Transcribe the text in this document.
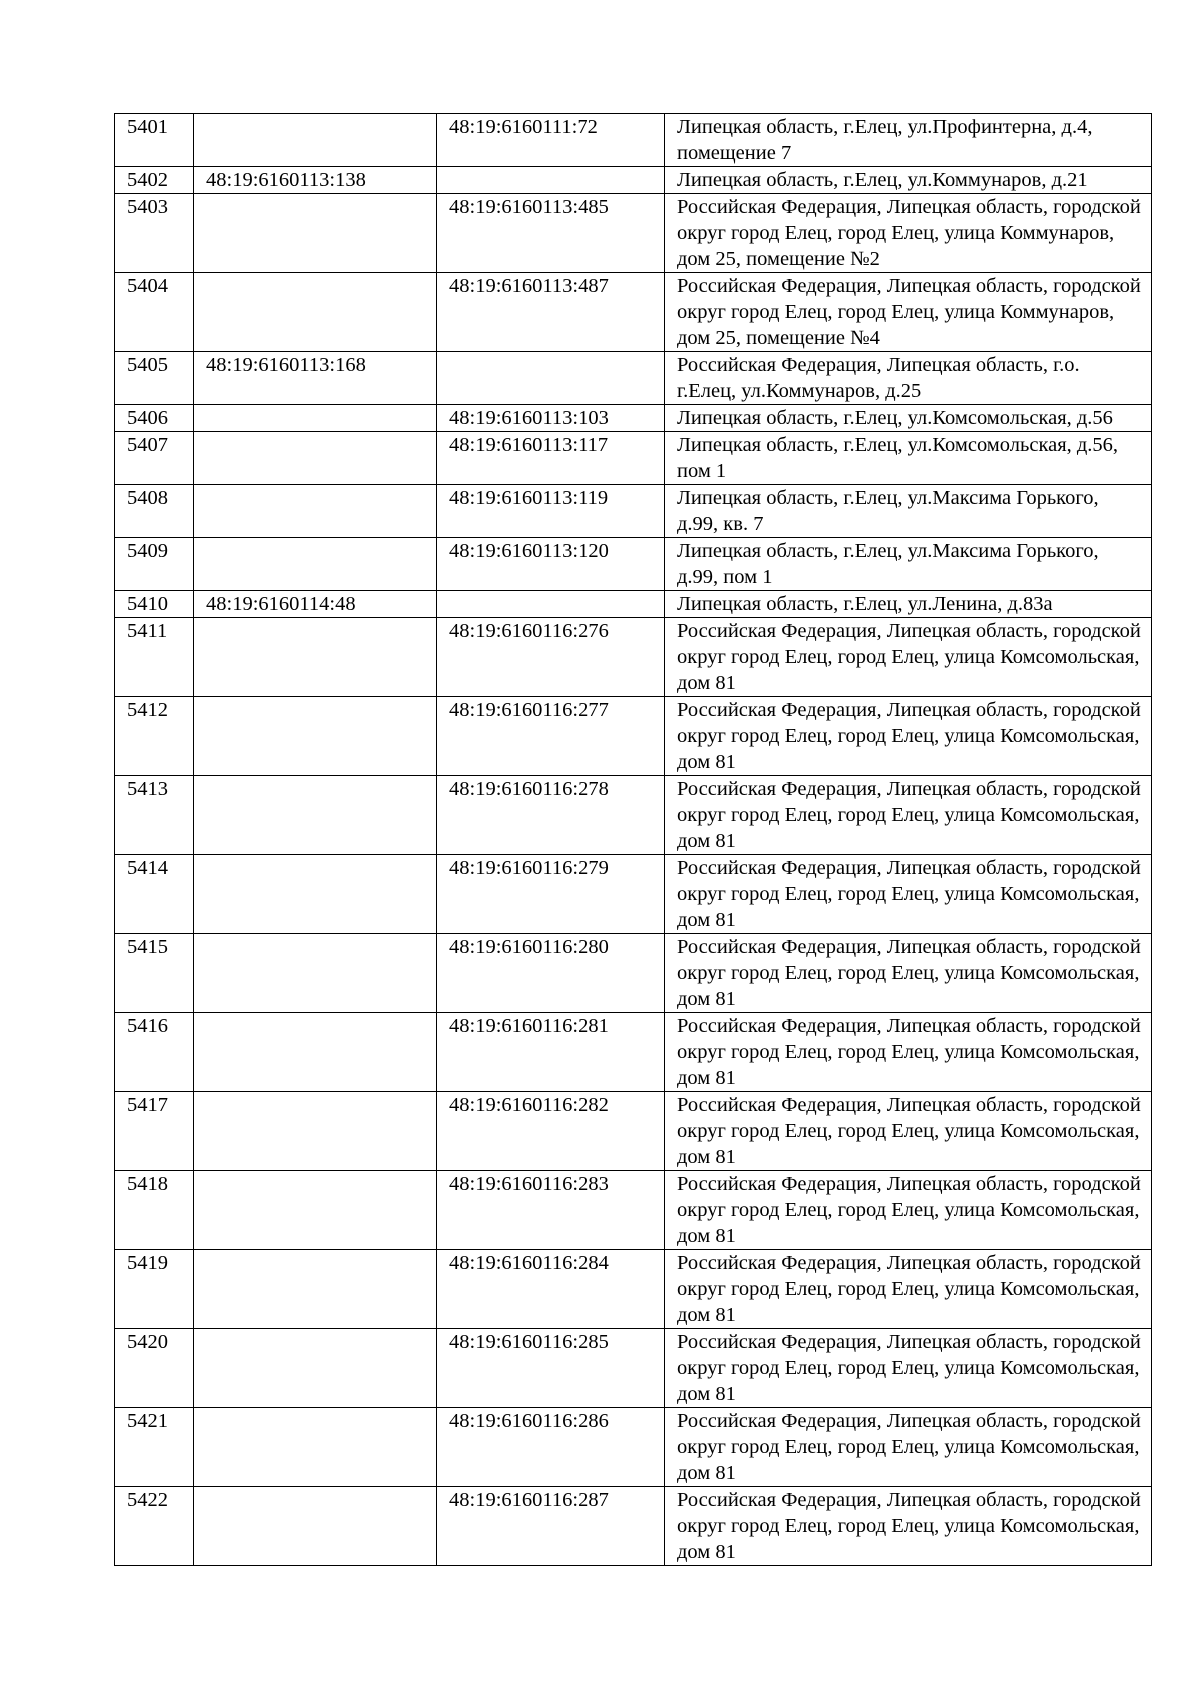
5401		48:19:6160111:72	Липецкая область, г.Елец, ул.Профинтерна, д.4, помещение 7
5402	48:19:6160113:138		Липецкая область, г.Елец, ул.Коммунаров, д.21
5403		48:19:6160113:485	Российская Федерация, Липецкая область, городской округ город Елец, город Елец, улица Коммунаров, дом 25, помещение №2
5404		48:19:6160113:487	Российская Федерация, Липецкая область, городской округ город Елец, город Елец, улица Коммунаров, дом 25, помещение №4
5405	48:19:6160113:168		Российская Федерация, Липецкая область, г.о. г.Елец, ул.Коммунаров, д.25
5406		48:19:6160113:103	Липецкая область, г.Елец, ул.Комсомольская, д.56
5407		48:19:6160113:117	Липецкая область, г.Елец, ул.Комсомольская, д.56, пом 1
5408		48:19:6160113:119	Липецкая область, г.Елец, ул.Максима Горького, д.99, кв. 7
5409		48:19:6160113:120	Липецкая область, г.Елец, ул.Максима Горького, д.99, пом 1
5410	48:19:6160114:48		Липецкая область, г.Елец, ул.Ленина, д.83а
5411		48:19:6160116:276	Российская Федерация, Липецкая область, городской округ город Елец, город Елец, улица Комсомольская, дом 81
5412		48:19:6160116:277	Российская Федерация, Липецкая область, городской округ город Елец, город Елец, улица Комсомольская, дом 81
5413		48:19:6160116:278	Российская Федерация, Липецкая область, городской округ город Елец, город Елец, улица Комсомольская, дом 81
5414		48:19:6160116:279	Российская Федерация, Липецкая область, городской округ город Елец, город Елец, улица Комсомольская, дом 81
5415		48:19:6160116:280	Российская Федерация, Липецкая область, городской округ город Елец, город Елец, улица Комсомольская, дом 81
5416		48:19:6160116:281	Российская Федерация, Липецкая область, городской округ город Елец, город Елец, улица Комсомольская, дом 81
5417		48:19:6160116:282	Российская Федерация, Липецкая область, городской округ город Елец, город Елец, улица Комсомольская, дом 81
5418		48:19:6160116:283	Российская Федерация, Липецкая область, городской округ город Елец, город Елец, улица Комсомольская, дом 81
5419		48:19:6160116:284	Российская Федерация, Липецкая область, городской округ город Елец, город Елец, улица Комсомольская, дом 81
5420		48:19:6160116:285	Российская Федерация, Липецкая область, городской округ город Елец, город Елец, улица Комсомольская, дом 81
5421		48:19:6160116:286	Российская Федерация, Липецкая область, городской округ город Елец, город Елец, улица Комсомольская, дом 81
5422		48:19:6160116:287	Российская Федерация, Липецкая область, городской округ город Елец, город Елец, улица Комсомольская, дом 81
